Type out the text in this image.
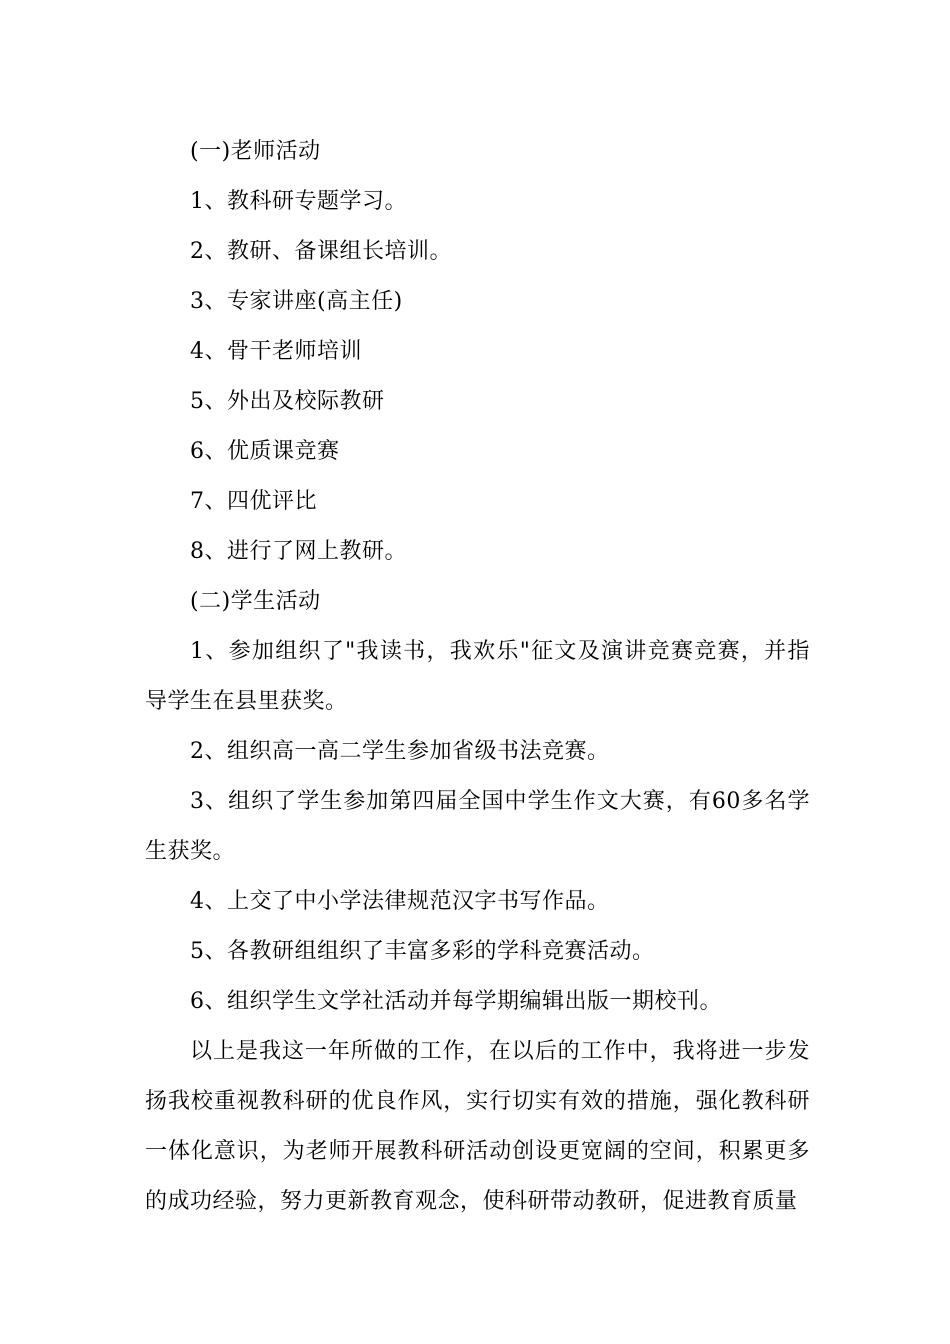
(一)老师活动

1、教科研专题学习。

2、教研、备课组长培训。

3、专家讲座(高主任)

4、骨干老师培训

5、外出及校际教研

6、优质课竞赛

7、四优评比

8、进行了网上教研。

(二)学生活动

1、参加组织了"我读书，我欢乐"征文及演讲竞赛竞赛，并指导学生在县里获奖。

2、组织高一高二学生参加省级书法竞赛。

3、组织了学生参加第四届全国中学生作文大赛，有60多名学生获奖。

4、上交了中小学法律规范汉字书写作品。

5、各教研组组织了丰富多彩的学科竞赛活动。

6、组织学生文学社活动并每学期编辑出版一期校刊。

以上是我这一年所做的工作，在以后的工作中，我将进一步发扬我校重视教科研的优良作风，实行切实有效的措施，强化教科研一体化意识，为老师开展教科研活动创设更宽阔的空间，积累更多的成功经验，努力更新教育观念，使科研带动教研，促进教育质量
